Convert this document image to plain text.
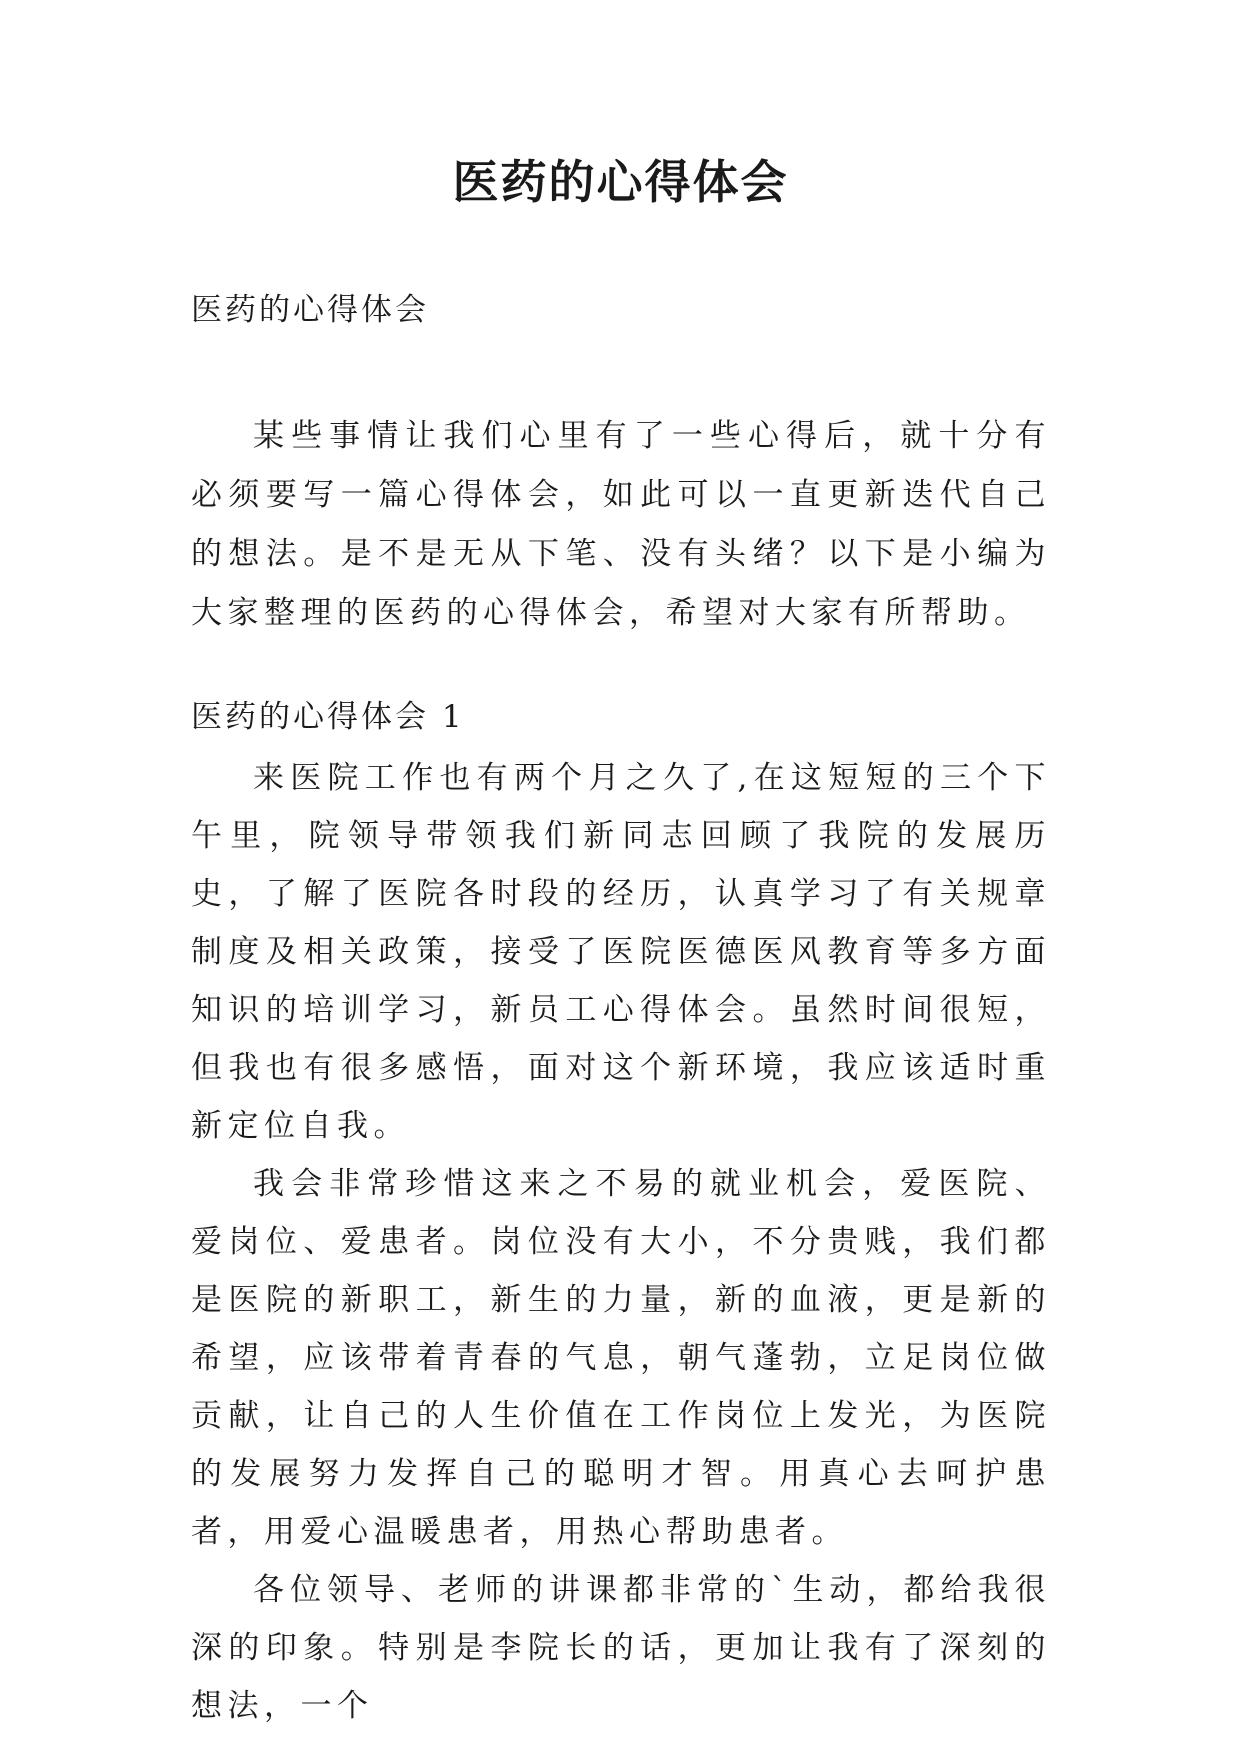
医药的心得体会

医药的心得体会

某些事情让我们心里有了一些心得后，就十分有必须要写一篇心得体会，如此可以一直更新迭代自己的想法。是不是无从下笔、没有头绪？以下是小编为大家整理的医药的心得体会，希望对大家有所帮助。

医药的心得体会 1

来医院工作也有两个月之久了,在这短短的三个下午里，院领导带领我们新同志回顾了我院的发展历史，了解了医院各时段的经历，认真学习了有关规章制度及相关政策，接受了医院医德医风教育等多方面知识的培训学习，新员工心得体会。虽然时间很短，但我也有很多感悟，面对这个新环境，我应该适时重新定位自我。

我会非常珍惜这来之不易的就业机会，爱医院、爱岗位、爱患者。岗位没有大小，不分贵贱，我们都是医院的新职工，新生的力量，新的血液，更是新的希望，应该带着青春的气息，朝气蓬勃，立足岗位做贡献，让自己的人生价值在工作岗位上发光，为医院的发展努力发挥自己的聪明才智。用真心去呵护患者，用爱心温暖患者，用热心帮助患者。

各位领导、老师的讲课都非常的`生动，都给我很深的印象。特别是李院长的话，更加让我有了深刻的想法，一个
